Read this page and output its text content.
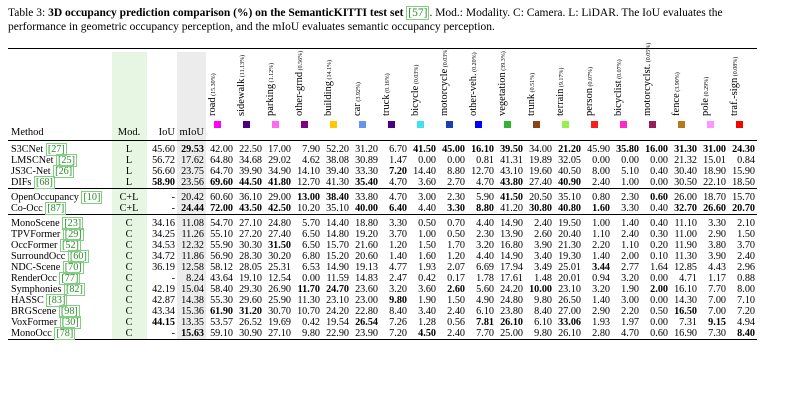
Table 3: 3D occupancy prediction comparison (%) on the SemanticKITTI test set [57] . Mod.: Modality. C: Camera. L: LiDAR. The IoU evaluates the performance in geometric occupancy perception, and the mIoU evaluates semantic occupancy perception.

Method	Mod.	IoU	mIoU	road (15.30%)	sidewalk (11.13%)	parking (1.12%)	other-grnd (0.56%)	building (14.1%)	car (3.92%)	truck (0.16%)	bicycle (0.03%)	motorcycle (0.03%)	other-veh. (0.20%)	vegetation (39.3%)	trunk (0.51%)	terrain (9.17%)	person (0.07%)	bicyclist (0.07%)	motorcyclst. (0.05%)	fence (3.90%)	pole (0.29%)	traf.-sign (0.08%)

S3CNet [27]	L	45.60	29.53	42.00	22.50	17.00	7.90	52.20	31.20	6.70	41.50	45.00	16.10	39.50	34.00	21.20	45.90	35.80	16.00	31.30	31.00	24.30
LMSCNet [25]	L	56.72	17.62	64.80	34.68	29.02	4.62	38.08	30.89	1.47	0.00	0.00	0.81	41.31	19.89	32.05	0.00	0.00	0.00	21.32	15.01	0.84
JS3C-Net [26]	L	56.60	23.75	64.70	39.90	34.90	14.10	39.40	33.30	7.20	14.40	8.80	12.70	43.10	19.60	40.50	8.00	5.10	0.40	30.40	18.90	15.90
DIFs [68]	L	58.90	23.56	69.60	44.50	41.80	12.70	41.30	35.40	4.70	3.60	2.70	4.70	43.80	27.40	40.90	2.40	1.00	0.00	30.50	22.10	18.50

OpenOccupancy [10]	C+L	-	20.42	60.60	36.10	29.00	13.00	38.40	33.80	4.70	3.00	2.30	5.90	41.50	20.50	35.10	0.80	2.30	0.60	26.00	18.70	15.70
Co-Occ [87]	C+L	-	24.44	72.00	43.50	42.50	10.20	35.10	40.00	6.40	4.40	3.30	8.80	41.20	30.80	40.80	1.60	3.30	0.40	32.70	26.60	20.70

MonoScene [23]	C	34.16	11.08	54.70	27.10	24.80	5.70	14.40	18.80	3.30	0.50	0.70	4.40	14.90	2.40	19.50	1.00	1.40	0.40	11.10	3.30	2.10
TPVFormer [29]	C	34.25	11.26	55.10	27.20	27.40	6.50	14.80	19.20	3.70	1.00	0.50	2.30	13.90	2.60	20.40	1.10	2.40	0.30	11.00	2.90	1.50
OccFormer [52]	C	34.53	12.32	55.90	30.30	31.50	6.50	15.70	21.60	1.20	1.50	1.70	3.20	16.80	3.90	21.30	2.20	1.10	0.20	11.90	3.80	3.70
SurroundOcc [60]	C	34.72	11.86	56.90	28.30	30.20	6.80	15.20	20.60	1.40	1.60	1.20	4.40	14.90	3.40	19.30	1.40	2.00	0.10	11.30	3.90	2.40
NDC-Scene [70]	C	36.19	12.58	58.12	28.05	25.31	6.53	14.90	19.13	4.77	1.93	2.07	6.69	17.94	3.49	25.01	3.44	2.77	1.64	12.85	4.43	2.96
RenderOcc [77]	C	-	8.24	43.64	19.10	12.54	0.00	11.59	14.83	2.47	0.42	0.17	1.78	17.61	1.48	20.01	0.94	3.20	0.00	4.71	1.17	0.88
Symphonies [82]	C	42.19	15.04	58.40	29.30	26.90	11.70	24.70	23.60	3.20	3.60	2.60	5.60	24.20	10.00	23.10	3.20	1.90	2.00	16.10	7.70	8.00
HASSC [83]	C	42.87	14.38	55.30	29.60	25.90	11.30	23.10	23.00	9.80	1.90	1.50	4.90	24.80	9.80	26.50	1.40	3.00	0.00	14.30	7.00	7.10
BRGScene [98]	C	43.34	15.36	61.90	31.20	30.70	10.70	24.20	22.80	8.40	3.40	2.40	6.10	23.80	8.40	27.00	2.90	2.20	0.50	16.50	7.00	7.20
VoxFormer [30]	C	44.15	13.35	53.57	26.52	19.69	0.42	19.54	26.54	7.26	1.28	0.56	7.81	26.10	6.10	33.06	1.93	1.97	0.00	7.31	9.15	4.94
MonoOcc [78]	C	-	15.63	59.10	30.90	27.10	9.80	22.90	23.90	7.20	4.50	2.40	7.70	25.00	9.80	26.10	2.80	4.70	0.60	16.90	7.30	8.40
